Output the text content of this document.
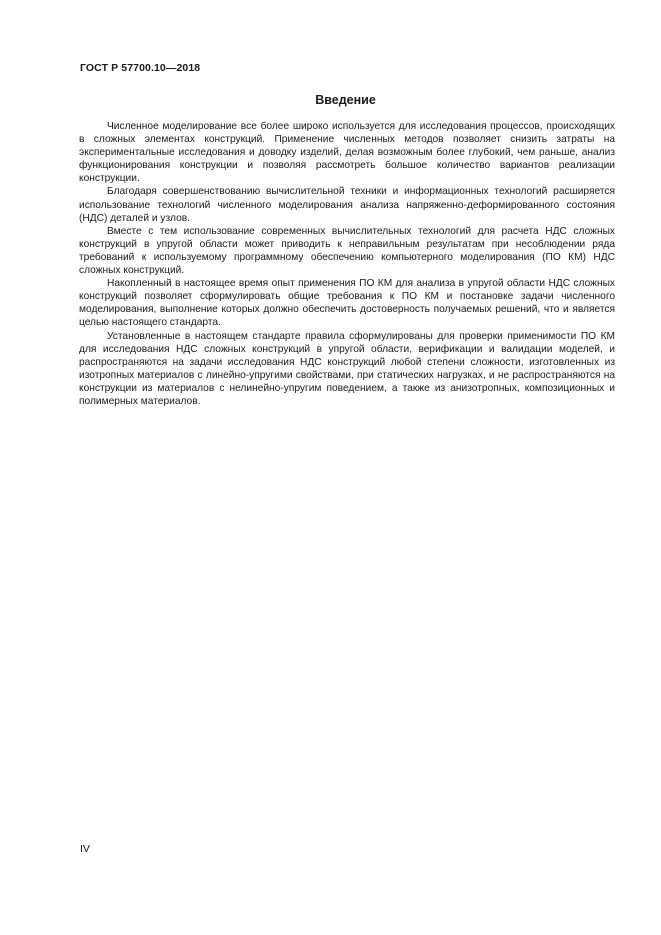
ГОСТ Р 57700.10—2018
Введение

Численное моделирование все более широко используется для исследования процессов, происходящих в сложных элементах конструкций. Применение численных методов позволяет снизить затраты на экспериментальные исследования и доводку изделий, делая возможным более глубокий, чем раньше, анализ функционирования конструкции и позволяя рассмотреть большое количество вариантов реализации конструкции.

Благодаря совершенствованию вычислительной техники и информационных технологий расширяется использование технологий численного моделирования анализа напряженно-деформированного состояния (НДС) деталей и узлов.

Вместе с тем использование современных вычислительных технологий для расчета НДС сложных конструкций в упругой области может приводить к неправильным результатам при несоблюдении ряда требований к используемому программному обеспечению компьютерного моделирования (ПО КМ) НДС сложных конструкций.

Накопленный в настоящее время опыт применения ПО КМ для анализа в упругой области НДС сложных конструкций позволяет сформулировать общие требования к ПО КМ и постановке задачи численного моделирования, выполнение которых должно обеспечить достоверность получаемых решений, что и является целью настоящего стандарта.

Установленные в настоящем стандарте правила сформулированы для проверки применимости ПО КМ для исследования НДС сложных конструкций в упругой области, верификации и валидации моделей, и распространяются на задачи исследования НДС конструкций любой степени сложности, изготовленных из изотропных материалов с линейно-упругими свойствами, при статических нагрузках, и не распространяются на конструкции из материалов с нелинейно-упругим поведением, а также из анизотропных, композиционных и полимерных материалов.

IV
